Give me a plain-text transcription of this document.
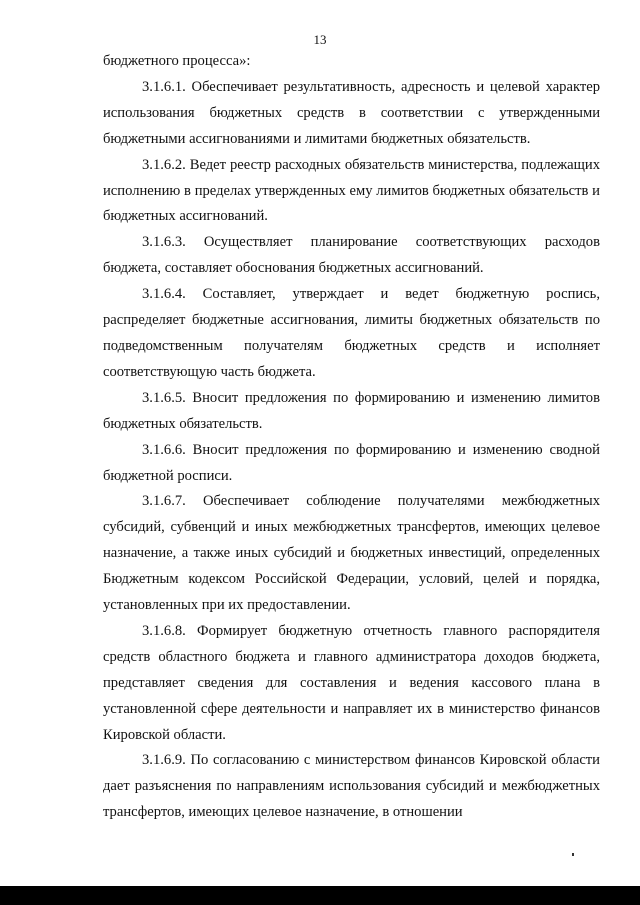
13

бюджетного процесса»:

3.1.6.1. Обеспечивает результативность, адресность и целевой характер использования бюджетных средств в соответствии с утвержденными бюджетными ассигнованиями и лимитами бюджетных обязательств.

3.1.6.2. Ведет реестр расходных обязательств министерства, подлежащих исполнению в пределах утвержденных ему лимитов бюджетных обязательств и бюджетных ассигнований.

3.1.6.3. Осуществляет планирование соответствующих расходов бюджета, составляет обоснования бюджетных ассигнований.

3.1.6.4. Составляет, утверждает и ведет бюджетную роспись, распределяет бюджетные ассигнования, лимиты бюджетных обязательств по подведомственным получателям бюджетных средств и исполняет соответствующую часть бюджета.

3.1.6.5. Вносит предложения по формированию и изменению лимитов бюджетных обязательств.

3.1.6.6. Вносит предложения по формированию и изменению сводной бюджетной росписи.

3.1.6.7. Обеспечивает соблюдение получателями межбюджетных субсидий, субвенций и иных межбюджетных трансфертов, имеющих целевое назначение, а также иных субсидий и бюджетных инвестиций, определенных Бюджетным кодексом Российской Федерации, условий, целей и порядка, установленных при их предоставлении.

3.1.6.8. Формирует бюджетную отчетность главного распорядителя средств областного бюджета и главного администратора доходов бюджета, представляет сведения для составления и ведения кассового плана в установленной сфере деятельности и направляет их в министерство финансов Кировской области.

3.1.6.9. По согласованию с министерством финансов Кировской области дает разъяснения по направлениям использования субсидий и межбюджетных трансфертов, имеющих целевое назначение, в отношении
